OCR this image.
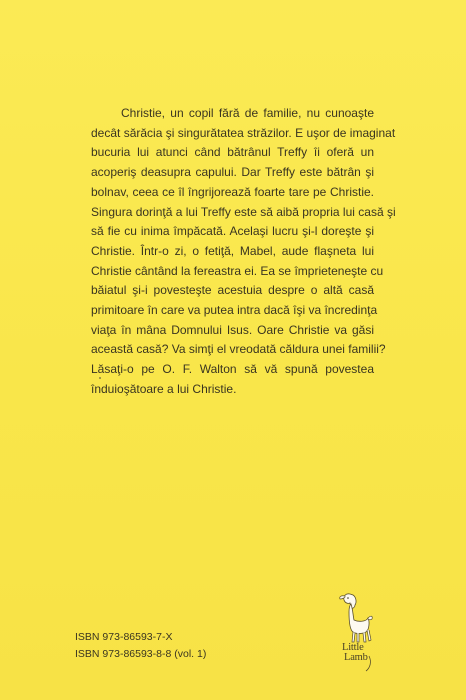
Christie, un copil fără de familie, nu cunoaşte
decât sărăcia şi singurătatea străzilor. E uşor de imaginat
bucuria lui atunci când bătrânul Treffy îi oferă un
acoperiş deasupra capului. Dar Treffy este bătrân şi
bolnav, ceea ce îl îngrijorează foarte tare pe Christie.
Singura dorinţă a lui Treffy este să aibă propria lui casă şi
să fie cu inima împăcată. Acelaşi lucru şi-l doreşte şi
Christie. Într-o zi, o fetiţă, Mabel, aude flaşneta lui
Christie cântând la fereastra ei. Ea se împrieteneşte cu
băiatul şi-i povesteşte acestuia despre o altă casă
primitoare în care va putea intra dacă îşi va încredinţa
viaţa în mâna Domnului Isus. Oare Christie va găsi
această casă? Va simţi el vreodată căldura unei familii?
Lăsaţi-o pe O. F. Walton să vă spună povestea
înduioşătoare a lui Christie.
ISBN 973-86593-7-X
ISBN 973-86593-8-8 (vol. 1)	Little
Lamb
